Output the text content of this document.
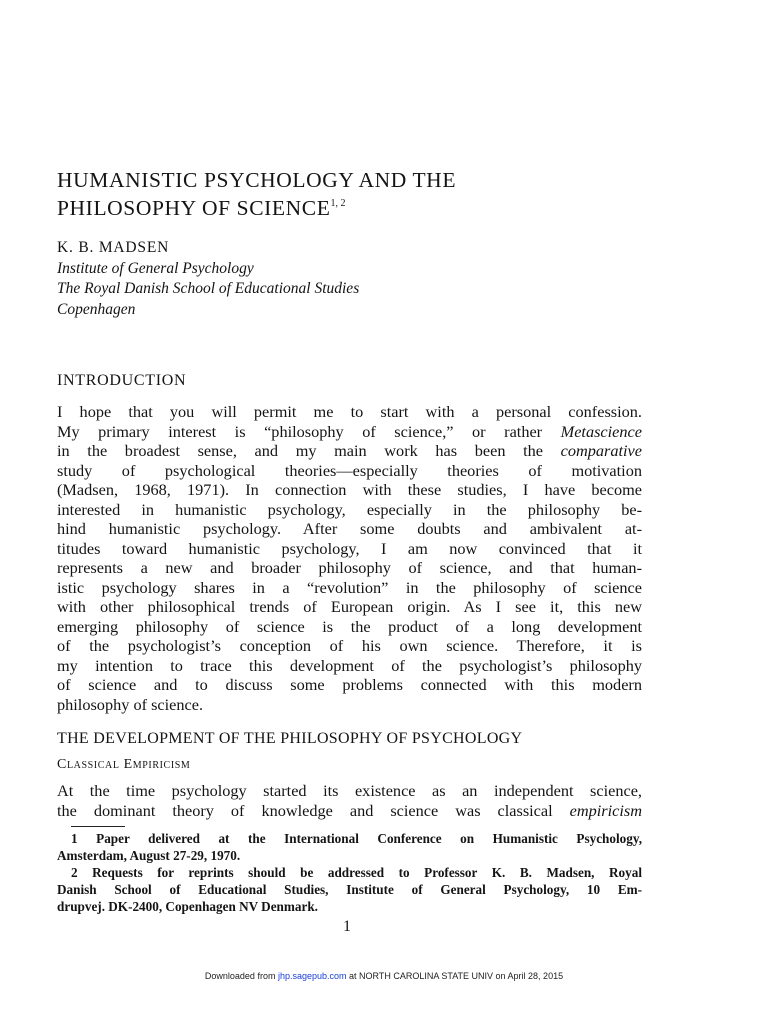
HUMANISTIC PSYCHOLOGY AND THE
PHILOSOPHY OF SCIENCE$^{1, 2}$
K. B. MADSEN
Institute of General Psychology
The Royal Danish School of Educational Studies
Copenhagen
INTRODUCTION
I hope that you will permit me to start with a personal confession.
My primary interest is “philosophy of science,” or rather Metascience
in the broadest sense, and my main work has been the comparative
study of psychological theories—especially theories of motivation
(Madsen, 1968, 1971). In connection with these studies, I have become
interested in humanistic psychology, especially in the philosophy be-
hind humanistic psychology. After some doubts and ambivalent at-
titudes toward humanistic psychology, I am now convinced that it
represents a new and broader philosophy of science, and that human-
istic psychology shares in a “revolution” in the philosophy of science
with other philosophical trends of European origin. As I see it, this new
emerging philosophy of science is the product of a long development
of the psychologist’s conception of his own science. Therefore, it is
my intention to trace this development of the psychologist’s philosophy
of science and to discuss some problems connected with this modern
philosophy of science.
THE DEVELOPMENT OF THE PHILOSOPHY OF PSYCHOLOGY
Classical Empiricism
At the time psychology started its existence as an independent science,
the dominant theory of knowledge and science was classical empiricism
1 Paper delivered at the International Conference on Humanistic Psychology,
Amsterdam, August 27-29, 1970.
2 Requests for reprints should be addressed to Professor K. B. Madsen, Royal
Danish School of Educational Studies, Institute of General Psychology, 10 Em-
drupvej. DK-2400, Copenhagen NV Denmark.
1
Downloaded from jhp.sagepub.com at NORTH CAROLINA STATE UNIV on April 28, 2015
